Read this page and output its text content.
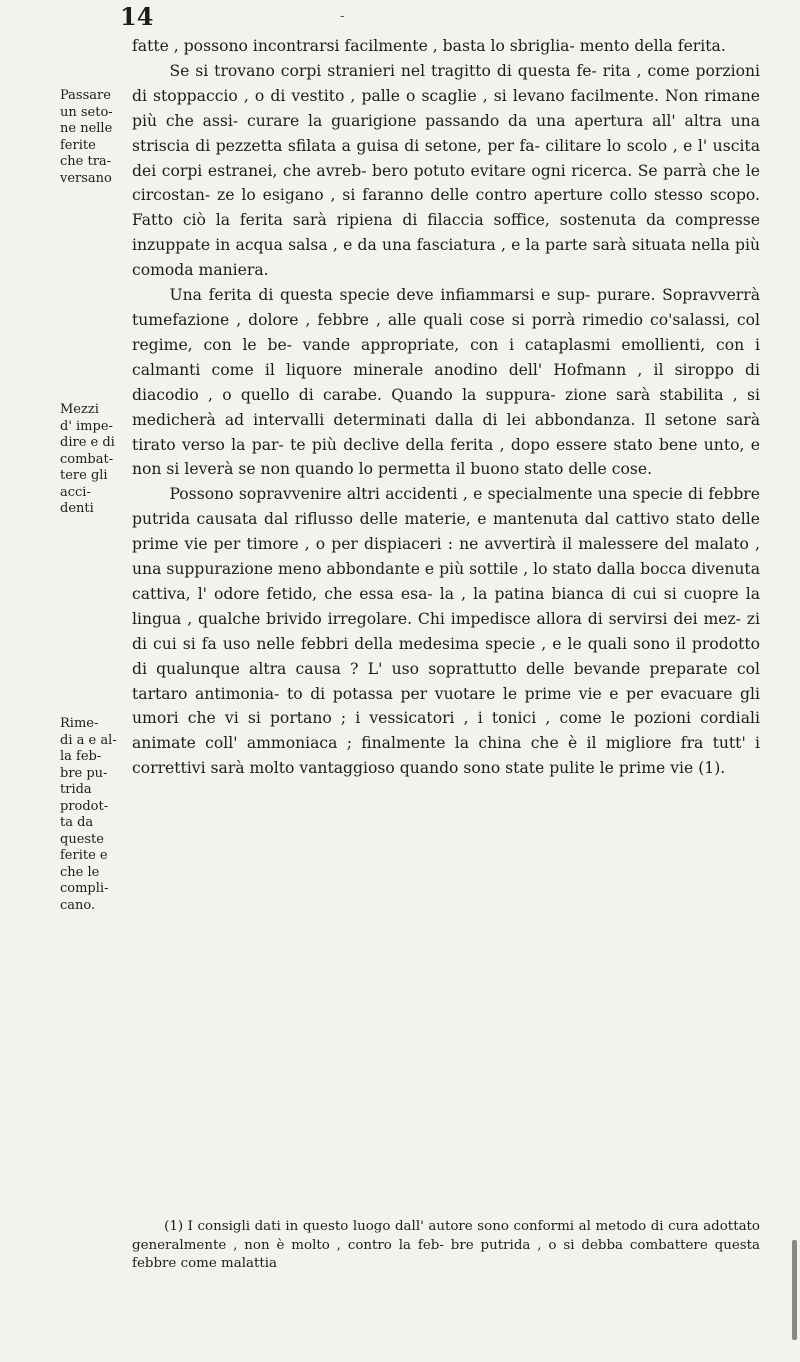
14	-

fatte , possono incontrarsi facilmente , basta lo sbriglia- mento della ferita.

Se si trovano corpi stranieri nel tragitto di questa fe- rita , come porzioni di stoppaccio , o di vestito , palle o scaglie , si levano facilmente. Non rimane più che assi- curare la guarigione passando da una apertura all' altra una striscia di pezzetta sfilata a guisa di setone, per fa- cilitare lo scolo , e l' uscita dei corpi estranei, che avreb- bero potuto evitare ogni ricerca. Se parrà che le circostan- ze lo esigano , si faranno delle contro aperture collo stesso scopo. Fatto ciò la ferita sarà ripiena di filaccia soffice, sostenuta da compresse inzuppate in acqua salsa , e da una fasciatura , e la parte sarà situata nella più comoda maniera.

Una ferita di questa specie deve infiammarsi e sup- purare. Sopravverrà tumefazione , dolore , febbre , alle quali cose si porrà rimedio co'salassi, col regime, con le be- vande appropriate, con i cataplasmi emollienti, con i calmanti come il liquore minerale anodino dell' Hofmann , il siroppo di diacodio , o quello di carabe. Quando la suppura- zione sarà stabilita , si medicherà ad intervalli determinati dalla di lei abbondanza. Il setone sarà tirato verso la par- te più declive della ferita , dopo essere stato bene unto, e non si leverà se non quando lo permetta il buono stato delle cose.

Possono sopravvenire altri accidenti , e specialmente una specie di febbre putrida causata dal riflusso delle materie, e mantenuta dal cattivo stato delle prime vie per timore , o per dispiaceri : ne avvertirà il malessere del malato , una suppurazione meno abbondante e più sottile , lo stato dalla bocca divenuta cattiva, l' odore fetido, che essa esa- la , la patina bianca di cui si cuopre la lingua , qualche brivido irregolare. Chi impedisce allora di servirsi dei mez- zi di cui si fa uso nelle febbri della medesima specie , e le quali sono il prodotto di qualunque altra causa ? L' uso soprattutto delle bevande preparate col tartaro antimonia- to di potassa per vuotare le prime vie e per evacuare gli umori che vi si portano ; i vessicatori , i tonici , come le pozioni cordiali animate coll' ammoniaca ; finalmente la china che è il migliore fra tutt' i correttivi sarà molto vantaggioso quando sono state pulite le prime vie (1).

Passare
un seto-
ne nelle
ferite
che tra-
versano
Mezzi
d' impe-
dire e di
combat-
tere gli
acci-
denti
Rime-
di a e al-
la feb-
bre pu-
trida
prodot-
ta da
queste
ferite e
che le
compli-
cano.

(1) I consigli dati in questo luogo dall' autore sono conformi al metodo di cura adottato generalmente , non è molto , contro la feb- bre putrida , o si debba combattere questa febbre come malattia
